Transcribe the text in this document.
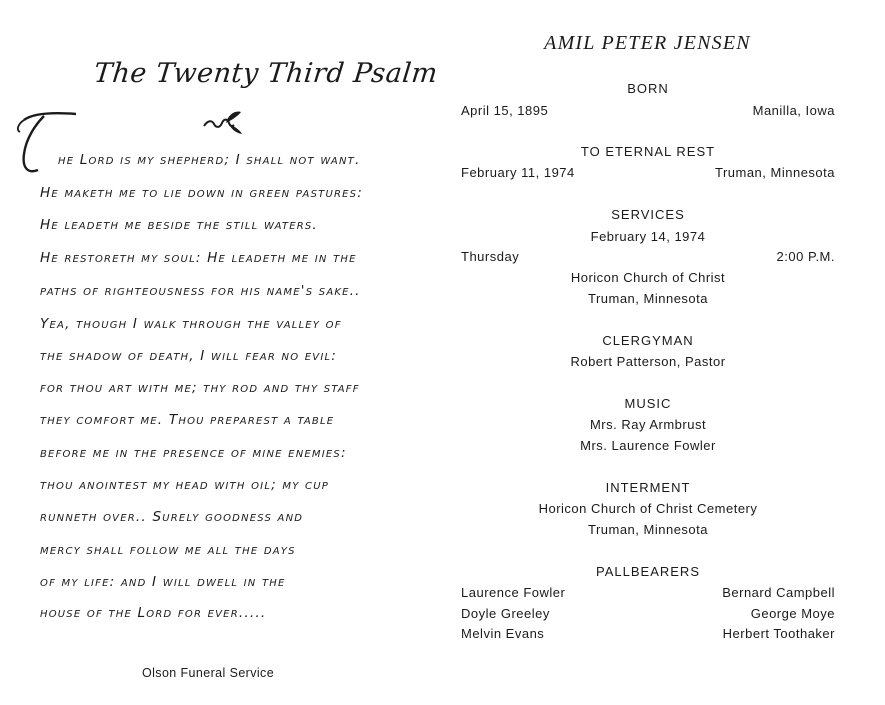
The Twenty Third Psalm
T
he Lord is my shepherd; I shall not want.
He maketh me to lie down in green pastures:
He leadeth me beside the still waters.
He restoreth my soul: He leadeth me in the
paths of righteousness for his name's sake..
Yea, though I walk through the valley of
the shadow of death, I will fear no evil:
for thou art with me; thy rod and thy staff
they comfort me. Thou preparest a table
before me in the presence of mine enemies:
thou anointest my head with oil; my cup
runneth over.. Surely goodness and
mercy shall follow me all the days
of my life: and I will dwell in the
house of the Lord for ever.....
Olson Funeral Service
AMIL PETER JENSEN
BORN
April 15, 1895	Manilla, Iowa
TO ETERNAL REST
February 11, 1974	Truman, Minnesota
SERVICES
February 14, 1974
Thursday	2:00 P.M.
Horicon Church of Christ
Truman, Minnesota
CLERGYMAN
Robert Patterson, Pastor
MUSIC
Mrs. Ray Armbrust
Mrs. Laurence Fowler
INTERMENT
Horicon Church of Christ Cemetery
Truman, Minnesota
PALLBEARERS
Laurence Fowler	Bernard Campbell
Doyle Greeley	George Moye
Melvin Evans	Herbert Toothaker
